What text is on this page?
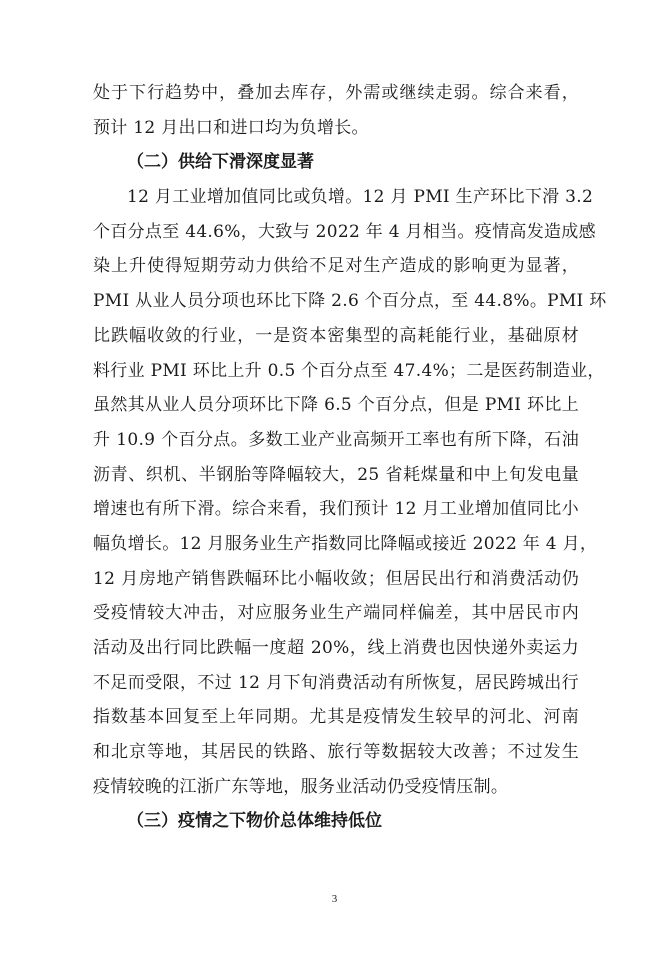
处于下行趋势中，叠加去库存，外需或继续走弱。综合来看，
预计 12 月出口和进口均为负增长。
（二）供给下滑深度显著
12 月工业增加值同比或负增。12 月 PMI 生产环比下滑 3.2
个百分点至 44.6%，大致与 2022 年 4 月相当。疫情高发造成感
染上升使得短期劳动力供给不足对生产造成的影响更为显著，
PMI 从业人员分项也环比下降 2.6 个百分点，至 44.8%。PMI 环
比跌幅收敛的行业，一是资本密集型的高耗能行业，基础原材
料行业 PMI 环比上升 0.5 个百分点至 47.4%；二是医药制造业，
虽然其从业人员分项环比下降 6.5 个百分点，但是 PMI 环比上
升 10.9 个百分点。多数工业产业高频开工率也有所下降，石油
沥青、织机、半钢胎等降幅较大，25 省耗煤量和中上旬发电量
增速也有所下滑。综合来看，我们预计 12 月工业增加值同比小
幅负增长。12 月服务业生产指数同比降幅或接近 2022 年 4 月，
12 月房地产销售跌幅环比小幅收敛；但居民出行和消费活动仍
受疫情较大冲击，对应服务业生产端同样偏差，其中居民市内
活动及出行同比跌幅一度超 20%，线上消费也因快递外卖运力
不足而受限，不过 12 月下旬消费活动有所恢复，居民跨城出行
指数基本回复至上年同期。尤其是疫情发生较早的河北、河南
和北京等地，其居民的铁路、旅行等数据较大改善；不过发生
疫情较晚的江浙广东等地，服务业活动仍受疫情压制。
（三）疫情之下物价总体维持低位
3
